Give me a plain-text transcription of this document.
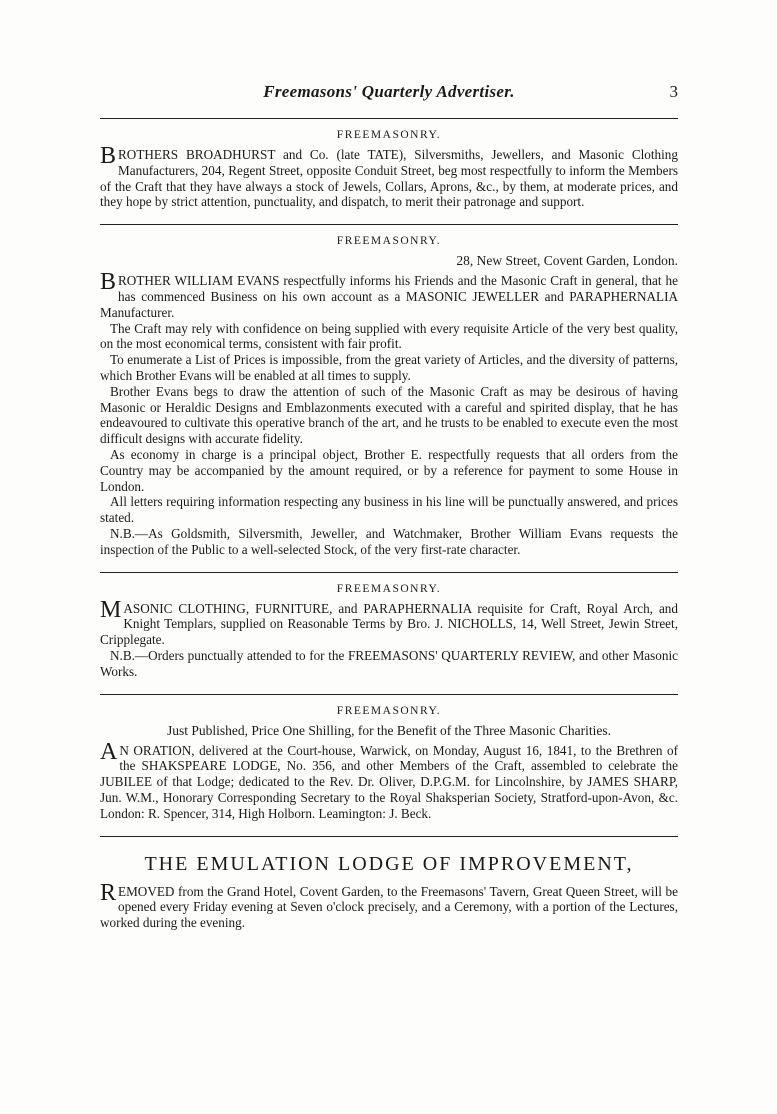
Freemasons' Quarterly Advertiser.	3
FREEMASONRY.

BROTHERS BROADHURST and Co. (late TATE), Silversmiths, Jewellers, and Masonic Clothing Manufacturers, 204, Regent Street, opposite Conduit Street, beg most respectfully to inform the Members of the Craft that they have always a stock of Jewels, Collars, Aprons, &c., by them, at moderate prices, and they hope by strict attention, punctuality, and dispatch, to merit their patronage and support.

FREEMASONRY.
28, New Street, Covent Garden, London.

BROTHER WILLIAM EVANS respectfully informs his Friends and the Masonic Craft in general, that he has commenced Business on his own account as a MASONIC JEWELLER and PARAPHERNALIA Manufacturer.

The Craft may rely with confidence on being supplied with every requisite Article of the very best quality, on the most economical terms, consistent with fair profit.

To enumerate a List of Prices is impossible, from the great variety of Articles, and the diversity of patterns, which Brother Evans will be enabled at all times to supply.

Brother Evans begs to draw the attention of such of the Masonic Craft as may be desirous of having Masonic or Heraldic Designs and Emblazonments executed with a careful and spirited display, that he has endeavoured to cultivate this operative branch of the art, and he trusts to be enabled to execute even the most difficult designs with accurate fidelity.

As economy in charge is a principal object, Brother E. respectfully requests that all orders from the Country may be accompanied by the amount required, or by a reference for payment to some House in London.

All letters requiring information respecting any business in his line will be punctually answered, and prices stated.

N.B.—As Goldsmith, Silversmith, Jeweller, and Watchmaker, Brother William Evans requests the inspection of the Public to a well-selected Stock, of the very first-rate character.

FREEMASONRY.

MASONIC CLOTHING, FURNITURE, and PARAPHERNALIA requisite for Craft, Royal Arch, and Knight Templars, supplied on Reasonable Terms by Bro. J. NICHOLLS, 14, Well Street, Jewin Street, Cripplegate.

N.B.—Orders punctually attended to for the FREEMASONS' QUARTERLY REVIEW, and other Masonic Works.

FREEMASONRY.
Just Published, Price One Shilling, for the Benefit of the Three Masonic Charities.

A N ORATION, delivered at the Court-house, Warwick, on Monday, August 16, 1841, to the Brethren of the SHAKSPEARE LODGE, No. 356, and other Members of the Craft, assembled to celebrate the JUBILEE of that Lodge; dedicated to the Rev. Dr. Oliver, D.P.G.M. for Lincolnshire, by JAMES SHARP, Jun. W.M., Honorary Corresponding Secretary to the Royal Shaksperian Society, Stratford-upon-Avon, &c. London: R. Spencer, 314, High Holborn. Leamington: J. Beck.

THE EMULATION LODGE OF IMPROVEMENT,

REMOVED from the Grand Hotel, Covent Garden, to the Freemasons' Tavern, Great Queen Street, will be opened every Friday evening at Seven o'clock precisely, and a Ceremony, with a portion of the Lectures, worked during the evening.
